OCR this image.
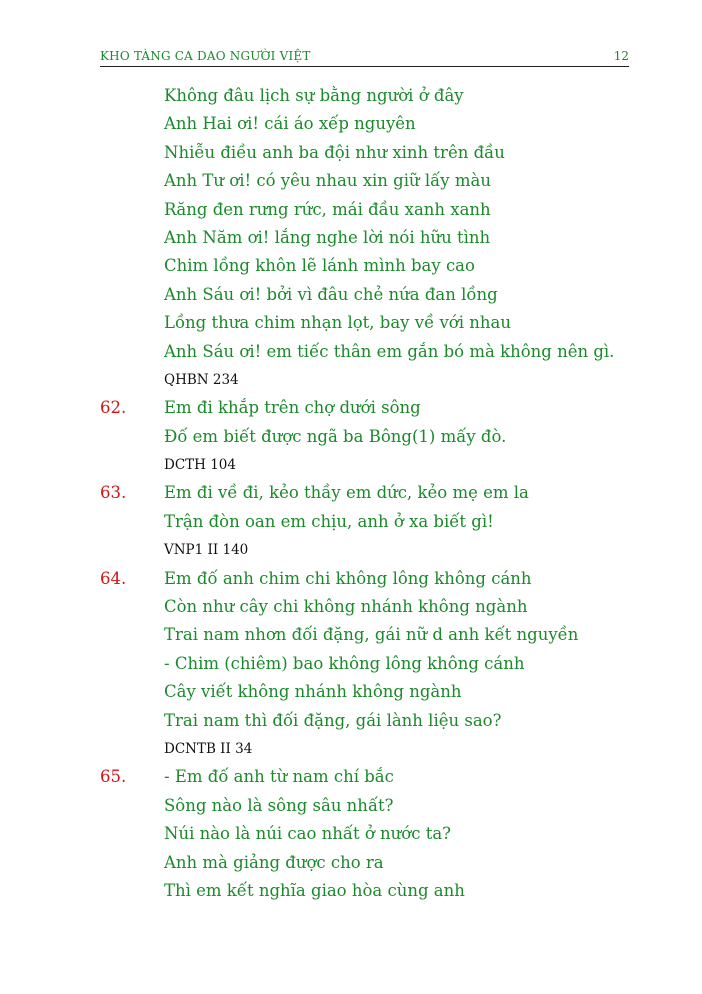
KHO TÀNG CA DAO NGƯỜI VIỆT	12
Không đâu lịch sự bằng người ở đây
Anh Hai ơi! cái áo xếp nguyên
Nhiễu điều anh ba đội như xinh trên đầu
Anh Tư ơi! có yêu nhau xin giữ lấy màu
Răng đen rưng rức, mái đầu xanh xanh
Anh Năm ơi! lắng nghe lời nói hữu tình
Chim lồng khôn lẽ lánh mình bay cao
Anh Sáu ơi! bởi vì đâu chẻ nứa đan lồng
Lồng thưa chim nhạn lọt, bay về với nhau
Anh Sáu ơi! em tiếc thân em gắn bó mà không nên gì.
QHBN 234
62. Em đi khắp trên chợ dưới sông
Đố em biết được ngã ba Bông(1) mấy đò.
DCTH 104
63. Em đi về đi, kẻo thầy em dức, kẻo mẹ em la
Trận đòn oan em chịu, anh ở xa biết gì!
VNP1 II 140
64. Em đố anh chim chi không lông không cánh
Còn như cây chi không nhánh không ngành
Trai nam nhơn đối đặng, gái nữ d anh kết nguyền
- Chim (chiêm) bao không lông không cánh
Cây viết không nhánh không ngành
Trai nam thì đối đặng, gái lành liệu sao?
DCNTB II 34
65. - Em đố anh từ nam chí bắc
Sông nào là sông sâu nhất?
Núi nào là núi cao nhất ở nước ta?
Anh mà giảng được cho ra
Thì em kết nghĩa giao hòa cùng anh
